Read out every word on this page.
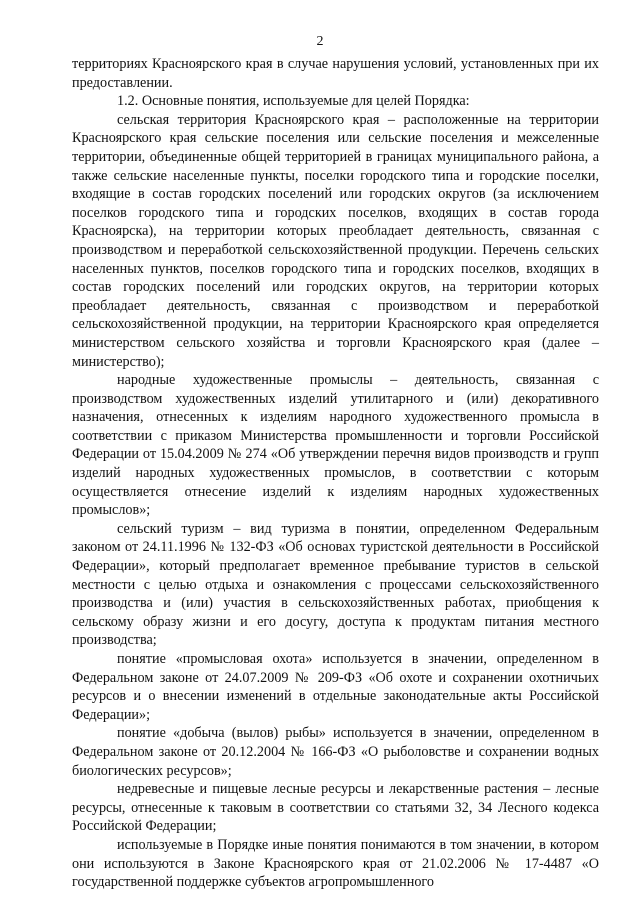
2

территориях Красноярского края в случае нарушения условий, установленных при их предоставлении.

1.2. Основные понятия, используемые для целей Порядка:

сельская территория Красноярского края – расположенные на территории Красноярского края сельские поселения или сельские поселения и межселенные территории, объединенные общей территорией в границах муниципального района, а также сельские населенные пункты, поселки городского типа и городские поселки, входящие в состав городских поселений или городских округов (за исключением поселков городского типа и городских поселков, входящих в состав города Красноярска), на территории которых преобладает деятельность, связанная с производством и переработкой сельскохозяйственной продукции. Перечень сельских населенных пунктов, поселков городского типа и городских поселков, входящих в состав городских поселений или городских округов, на территории которых преобладает деятельность, связанная с производством и переработкой сельскохозяйственной продукции, на территории Красноярского края определяется министерством сельского хозяйства и торговли Красноярского края (далее – министерство);

народные художественные промыслы – деятельность, связанная с производством художественных изделий утилитарного и (или) декоративного назначения, отнесенных к изделиям народного художественного промысла в соответствии с приказом Министерства промышленности и торговли Российской Федерации от 15.04.2009 № 274 «Об утверждении перечня видов производств и групп изделий народных художественных промыслов, в соответствии с которым осуществляется отнесение изделий к изделиям народных художественных промыслов»;

сельский туризм – вид туризма в понятии, определенном Федеральным законом от 24.11.1996 № 132-ФЗ «Об основах туристской деятельности в Российской Федерации», который предполагает временное пребывание туристов в сельской местности с целью отдыха и ознакомления с процессами сельскохозяйственного производства и (или) участия в сельскохозяйственных работах, приобщения к сельскому образу жизни и его досугу, доступа к продуктам питания местного производства;

понятие «промысловая охота» используется в значении, определенном в Федеральном законе от 24.07.2009 № 209-ФЗ «Об охоте и сохранении охотничьих ресурсов и о внесении изменений в отдельные законодательные акты Российской Федерации»;

понятие «добыча (вылов) рыбы» используется в значении, определенном в Федеральном законе от 20.12.2004 № 166-ФЗ «О рыболовстве и сохранении водных биологических ресурсов»;

недревесные и пищевые лесные ресурсы и лекарственные растения – лесные ресурсы, отнесенные к таковым в соответствии со статьями 32, 34 Лесного кодекса Российской Федерации;

используемые в Порядке иные понятия понимаются в том значении, в котором они используются в Законе Красноярского края от 21.02.2006 № 17-4487 «О государственной поддержке субъектов агропромышленного
